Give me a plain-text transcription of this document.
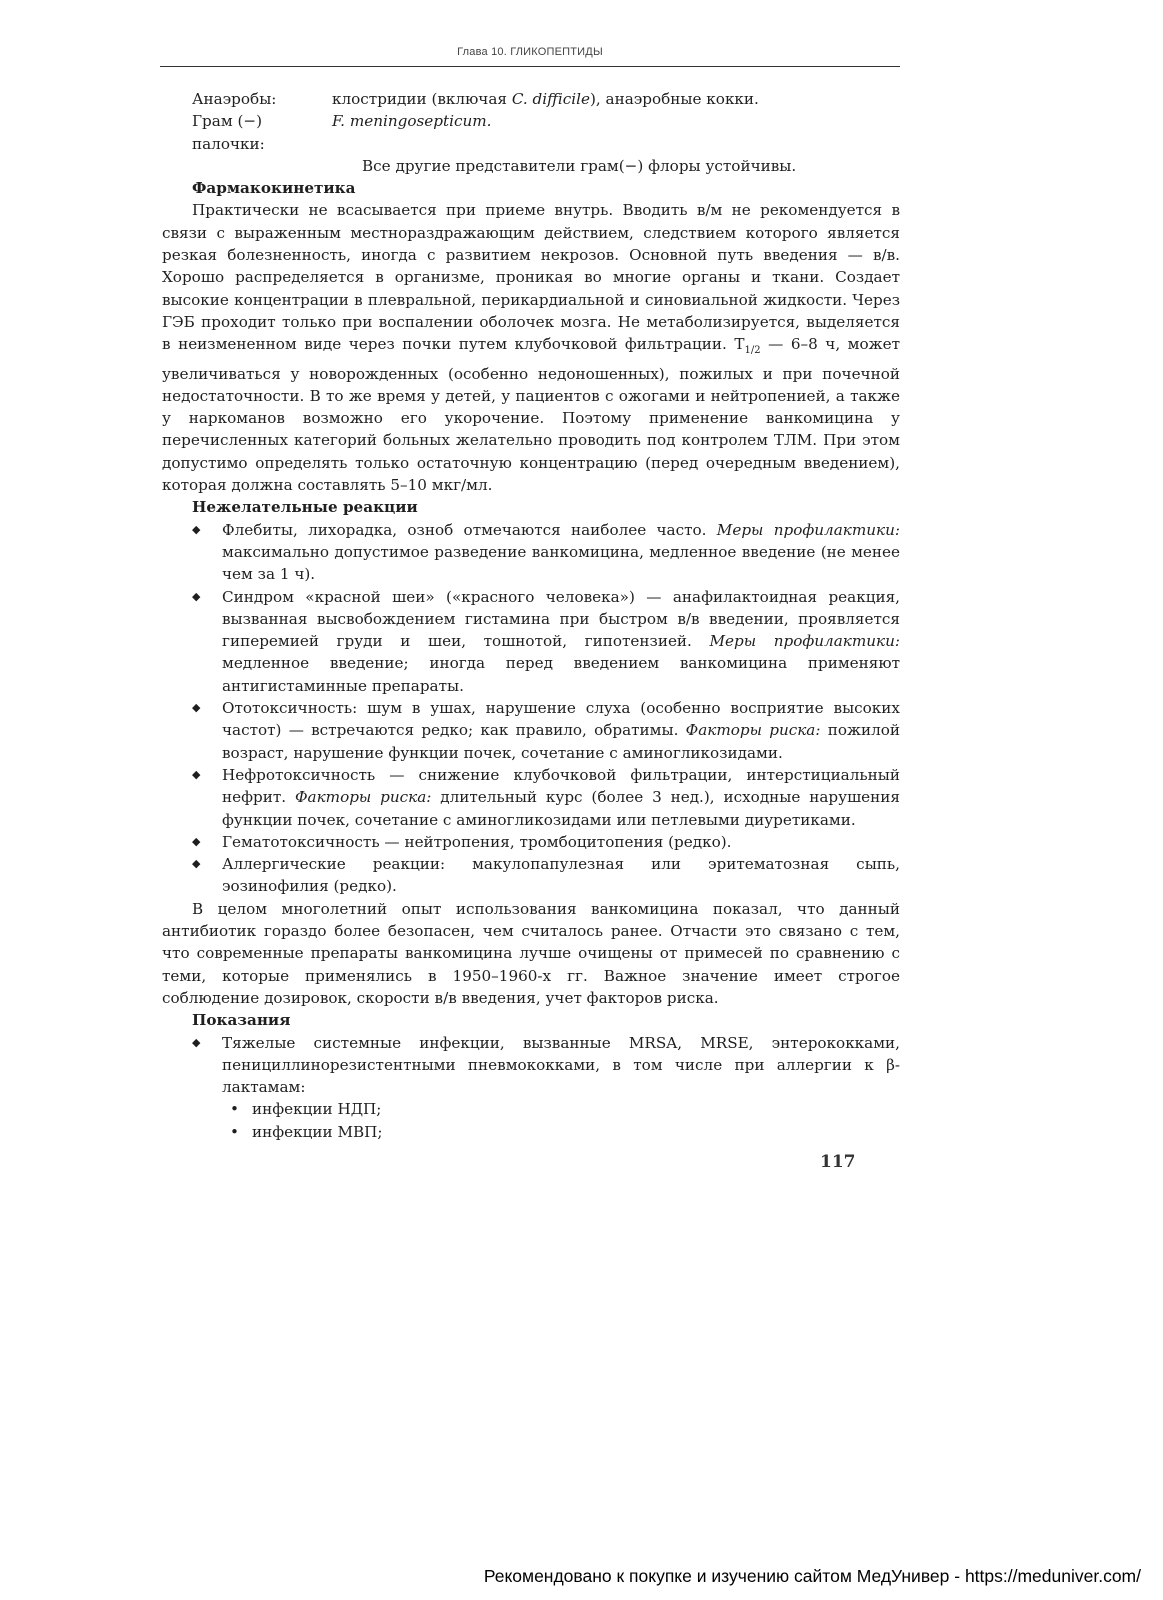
Глава 10. ГЛИКОПЕПТИДЫ
Анаэробы:	клостридии (включая C. difficile), анаэробные кокки.
Грам (−) палочки:
F. meningosepticum.
Все другие представители грам(−) флоры устойчивы.
Фармакокинетика

Практически не всасывается при приеме внутрь. Вводить в/м не рекомендуется в связи с выраженным местнораздражающим действием, следствием которого является резкая болезненность, иногда с развитием некрозов. Основной путь введения — в/в. Хорошо распределяется в организме, проникая во многие органы и ткани. Создает высокие концентрации в плевральной, перикардиальной и синовиальной жидкости. Через ГЭБ проходит только при воспалении оболочек мозга. Не метаболизируется, выделяется в неизмененном виде через почки путем клубочковой фильтрации. $T_{1/2}$ — 6–8 ч, может увеличиваться у новорожденных (особенно недоношенных), пожилых и при почечной недостаточности. В то же время у детей, у пациентов с ожогами и нейтропенией, а также у наркоманов возможно его укорочение. Поэтому применение ванкомицина у перечисленных категорий больных желательно проводить под контролем ТЛМ. При этом допустимо определять только остаточную концентрацию (перед очередным введением), которая должна составлять 5–10 мкг/мл.

Нежелательные реакции
◆ Флебиты, лихорадка, озноб отмечаются наиболее часто. Меры профилактики: максимально допустимое разведение ванкомицина, медленное введение (не менее чем за 1 ч).
◆ Синдром «красной шеи» («красного человека») — анафилактоидная реакция, вызванная высвобождением гистамина при быстром в/в введении, проявляется гиперемией груди и шеи, тошнотой, гипотензией. Меры профилактики: медленное введение; иногда перед введением ванкомицина применяют антигистаминные препараты.
◆ Ототоксичность: шум в ушах, нарушение слуха (особенно восприятие высоких частот) — встречаются редко; как правило, обратимы. Факторы риска: пожилой возраст, нарушение функции почек, сочетание с аминогликозидами.
◆ Нефротоксичность — снижение клубочковой фильтрации, интерстициальный нефрит. Факторы риска: длительный курс (более 3 нед.), исходные нарушения функции почек, сочетание с аминогликозидами или петлевыми диуретиками.
◆ Гематотоксичность — нейтропения, тромбоцитопения (редко).
◆ Аллергические реакции: макулопапулезная или эритематозная сыпь, эозинофилия (редко).

В целом многолетний опыт использования ванкомицина показал, что данный антибиотик гораздо более безопасен, чем считалось ранее. Отчасти это связано с тем, что современные препараты ванкомицина лучше очищены от примесей по сравнению с теми, которые применялись в 1950–1960-х гг. Важное значение имеет строгое соблюдение дозировок, скорости в/в введения, учет факторов риска.

Показания
◆ Тяжелые системные инфекции, вызванные MRSA, MRSE, энтерококками, пенициллинорезистентными пневмококками, в том числе при аллергии к β-лактамам:
• инфекции НДП;
• инфекции МВП;
117
Рекомендовано к покупке и изучению сайтом МедУнивер - https://meduniver.com/
